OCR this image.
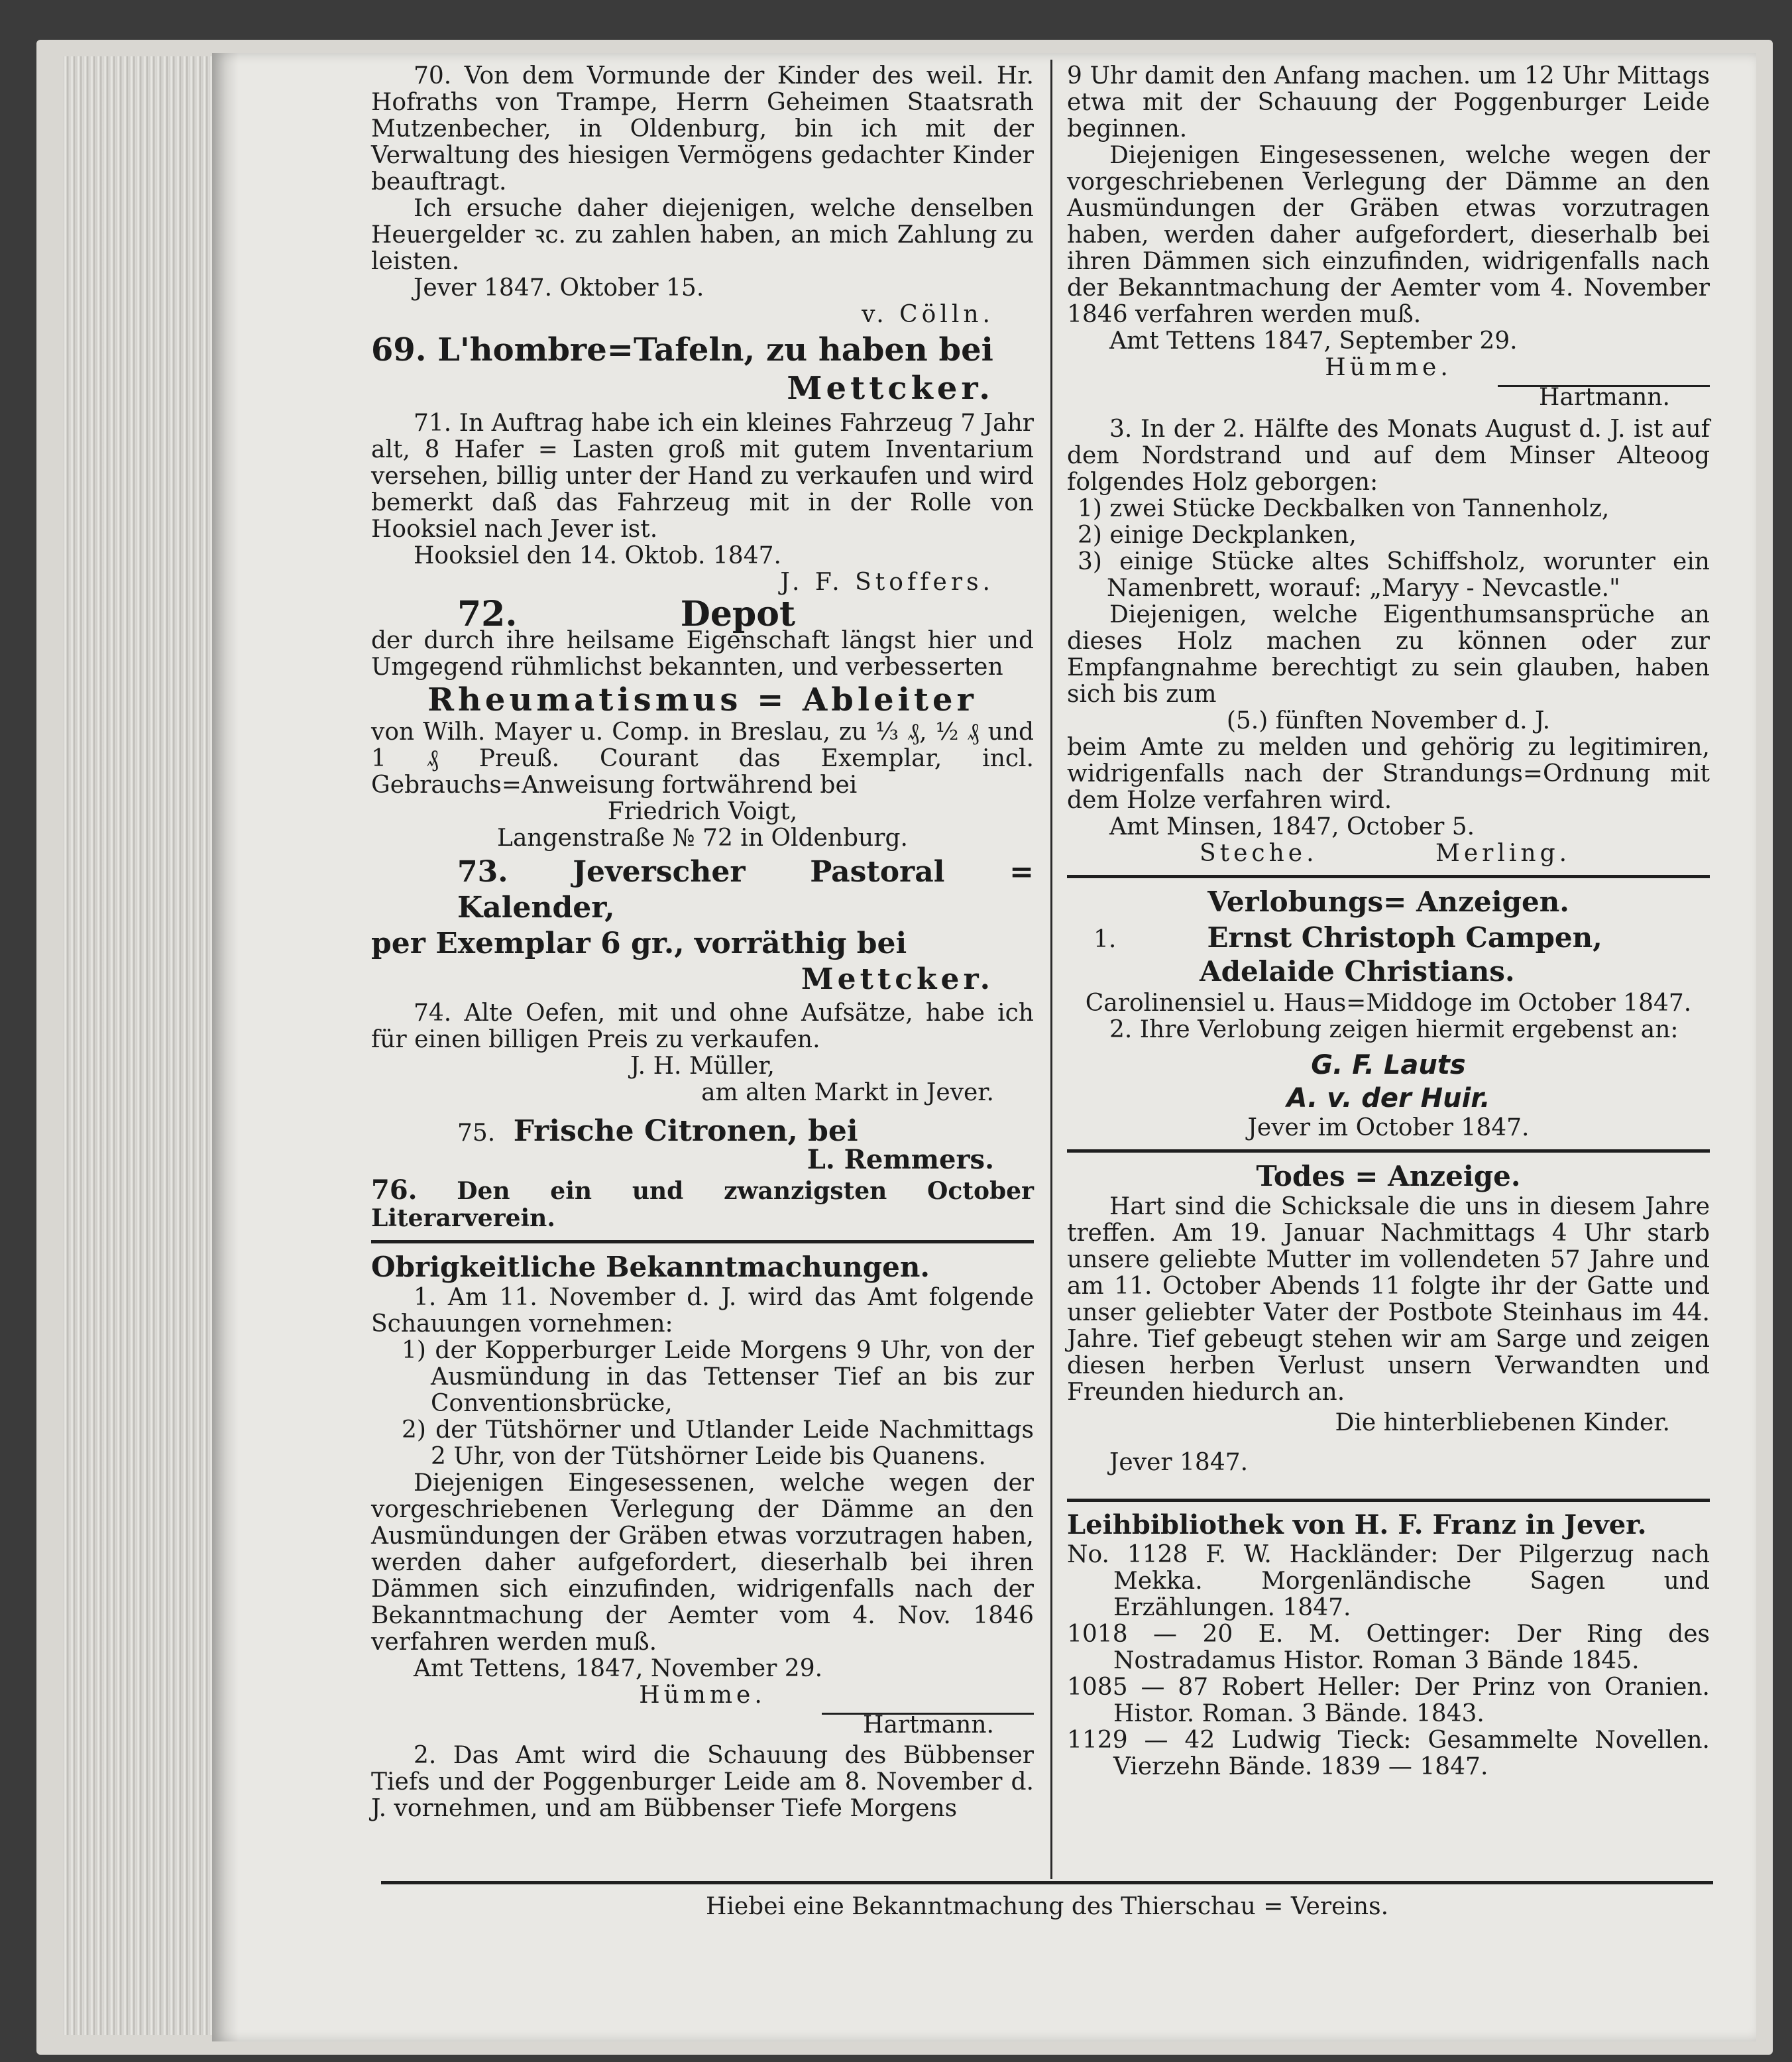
70. Von dem Vormunde der Kinder des weil. Hr. Hofraths von Trampe, Herrn Geheimen Staatsrath Mutzenbecher, in Oldenburg, bin ich mit der Verwaltung des hiesigen Vermögens gedachter Kinder beauftragt.

Ich ersuche daher diejenigen, welche denselben Heuergelder ꝛc. zu zahlen haben, an mich Zahlung zu leisten.

Jever 1847. Oktober 15.

v. Cölln.

69. L'hombre=Tafeln, zu haben bei

Mettcker.

71. In Auftrag habe ich ein kleines Fahrzeug 7 Jahr alt, 8 Hafer = Lasten groß mit gutem Inventarium versehen, billig unter der Hand zu verkaufen und wird bemerkt daß das Fahrzeug mit in der Rolle von Hooksiel nach Jever ist.

Hooksiel den 14. Oktob. 1847.

J. F. Stoffers.

72.	Depot

der durch ihre heilsame Eigenschaft längst hier und Umgegend rühmlichst bekannten, und verbesserten

Rheumatismus = Ableiter

von Wilh. Mayer u. Comp. in Breslau, zu ⅓ ₰, ½ ₰ und 1 ₰ Preuß. Courant das Exemplar, incl. Gebrauchs=Anweisung fortwährend bei

Friedrich Voigt,

Langenstraße № 72 in Oldenburg.

73. Jeverscher Pastoral = Kalender,

per Exemplar 6 gr., vorräthig bei

Mettcker.

74. Alte Oefen, mit und ohne Aufsätze, habe ich für einen billigen Preis zu verkaufen.

J. H. Müller,

am alten Markt in Jever.

75. Frische Citronen, bei

L. Remmers.

76. Den ein und zwanzigsten October Literarverein.

Obrigkeitliche Bekanntmachungen.

1. Am 11. November d. J. wird das Amt folgende Schauungen vornehmen:

1) der Kopperburger Leide Morgens 9 Uhr, von der Ausmündung in das Tettenser Tief an bis zur Conventionsbrücke,

2) der Tütshörner und Utlander Leide Nachmittags 2 Uhr, von der Tütshörner Leide bis Quanens.

Diejenigen Eingesessenen, welche wegen der vorgeschriebenen Verlegung der Dämme an den Ausmündungen der Gräben etwas vorzutragen haben, werden daher aufgefordert, dieserhalb bei ihren Dämmen sich einzufinden, widrigenfalls nach der Bekanntmachung der Aemter vom 4. Nov. 1846 verfahren werden muß.

Amt Tettens, 1847, November 29.

Hümme.

Hartmann.

2. Das Amt wird die Schauung des Bübbenser Tiefs und der Poggenburger Leide am 8. November d. J. vornehmen, und am Bübbenser Tiefe Morgens

9 Uhr damit den Anfang machen. um 12 Uhr Mittags etwa mit der Schauung der Poggenburger Leide beginnen.

Diejenigen Eingesessenen, welche wegen der vorgeschriebenen Verlegung der Dämme an den Ausmündungen der Gräben etwas vorzutragen haben, werden daher aufgefordert, dieserhalb bei ihren Dämmen sich einzufinden, widrigenfalls nach der Bekanntmachung der Aemter vom 4. November 1846 verfahren werden muß.

Amt Tettens 1847, September 29.

Hümme.

Hartmann.

3. In der 2. Hälfte des Monats August d. J. ist auf dem Nordstrand und auf dem Minser Alteoog folgendes Holz geborgen:

1) zwei Stücke Deckbalken von Tannenholz,

2) einige Deckplanken,

3) einige Stücke altes Schiffsholz, worunter ein Namenbrett, worauf: „Maryy - Nevcastle."

Diejenigen, welche Eigenthumsansprüche an dieses Holz machen zu können oder zur Empfangnahme berechtigt zu sein glauben, haben sich bis zum

(5.) fünften November d. J.

beim Amte zu melden und gehörig zu legitimiren, widrigenfalls nach der Strandungs=Ordnung mit dem Holze verfahren wird.

Amt Minsen, 1847, October 5.

Steche.	Merling.

Verlobungs= Anzeigen.

1.	Ernst Christoph Campen,

Adelaide Christians.

Carolinensiel u. Haus=Middoge im October 1847.

2. Ihre Verlobung zeigen hiermit ergebenst an:

G. F. Lauts

A. v. der Huir.

Jever im October 1847.

Todes = Anzeige.

Hart sind die Schicksale die uns in diesem Jahre treffen. Am 19. Januar Nachmittags 4 Uhr starb unsere geliebte Mutter im vollendeten 57 Jahre und am 11. October Abends 11 folgte ihr der Gatte und unser geliebter Vater der Postbote Steinhaus im 44. Jahre. Tief gebeugt stehen wir am Sarge und zeigen diesen herben Verlust unsern Verwandten und Freunden hiedurch an.

Die hinterbliebenen Kinder.

Jever 1847.

Leihbibliothek von H. F. Franz in Jever.

No. 1128 F. W. Hackländer: Der Pilgerzug nach Mekka. Morgenländische Sagen und Erzählungen. 1847.

1018 — 20 E. M. Oettinger: Der Ring des Nostradamus Histor. Roman 3 Bände 1845.

1085 — 87 Robert Heller: Der Prinz von Oranien. Histor. Roman. 3 Bände. 1843.

1129 — 42 Ludwig Tieck: Gesammelte Novellen. Vierzehn Bände. 1839 — 1847.

Hiebei eine Bekanntmachung des Thierschau = Vereins.
